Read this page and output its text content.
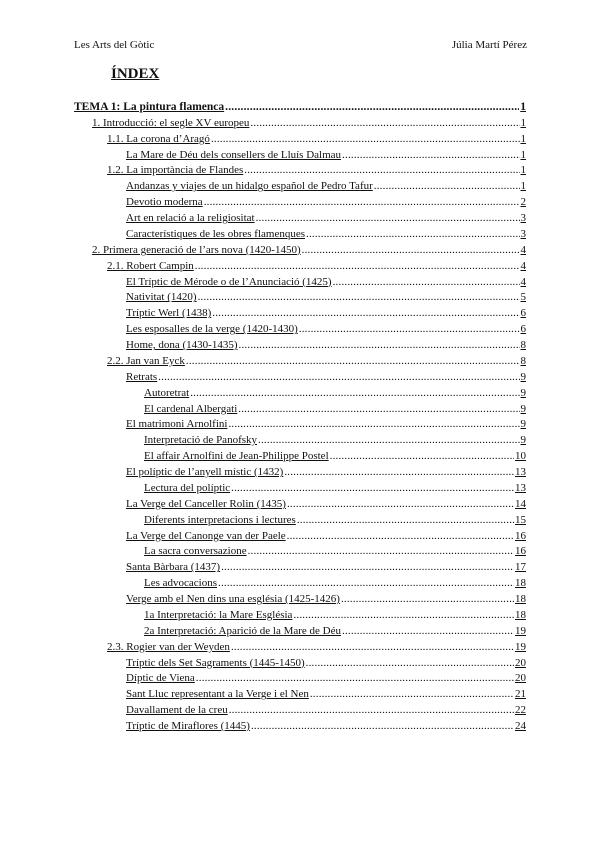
Les Arts del Gòtic	Júlia Martí Pérez
ÍNDEX
TEMA 1: La pintura flamenca .....	1
1. Introducció: el segle XV europeu .....	1
1.1. La corona d’Aragó .....	1
La Mare de Déu dels consellers de Lluís Dalmau .....	1
1.2. La importància de Flandes .....	1
Andanzas y viajes de un hidalgo español de Pedro Tafur .....	1
Devotio moderna .....	2
Art en relació a la religiositat .....	3
Característiques de les obres flamenques .....	3
2. Primera generació de l’ars nova (1420-1450) .....	4
2.1. Robert Campin .....	4
El Tríptic de Mérode o de l’Anunciació (1425) .....	4
Nativitat (1420) .....	5
Tríptic Werl (1438) .....	6
Les esposalles de la verge (1420-1430) .....	6
Home, dona (1430-1435) .....	8
2.2. Jan van Eyck .....	8
Retrats .....	9
Autoretrat .....	9
El cardenal Albergati .....	9
El matrimoni Arnolfini .....	9
Interpretació de Panofsky .....	9
El affair Arnolfini de Jean-Philippe Postel .....	10
El políptic de l’anyell místic (1432) .....	13
Lectura del políptic .....	13
La Verge del Canceller Rolin (1435) .....	14
Diferents interpretacions i lectures .....	15
La Verge del Canonge van der Paele .....	16
La sacra conversazione .....	16
Santa Bàrbara (1437) .....	17
Les advocacions .....	18
Verge amb el Nen dins una església (1425-1426) .....	18
1a Interpretació: la Mare Església .....	18
2a Interpretació: Aparició de la Mare de Déu .....	19
2.3. Rogier van der Weyden .....	19
Tríptic dels Set Sagraments (1445-1450) .....	20
Díptic de Viena .....	20
Sant Lluc representant a la Verge i el Nen .....	21
Davallament de la creu .....	22
Tríptic de Miraflores (1445) .....	24
